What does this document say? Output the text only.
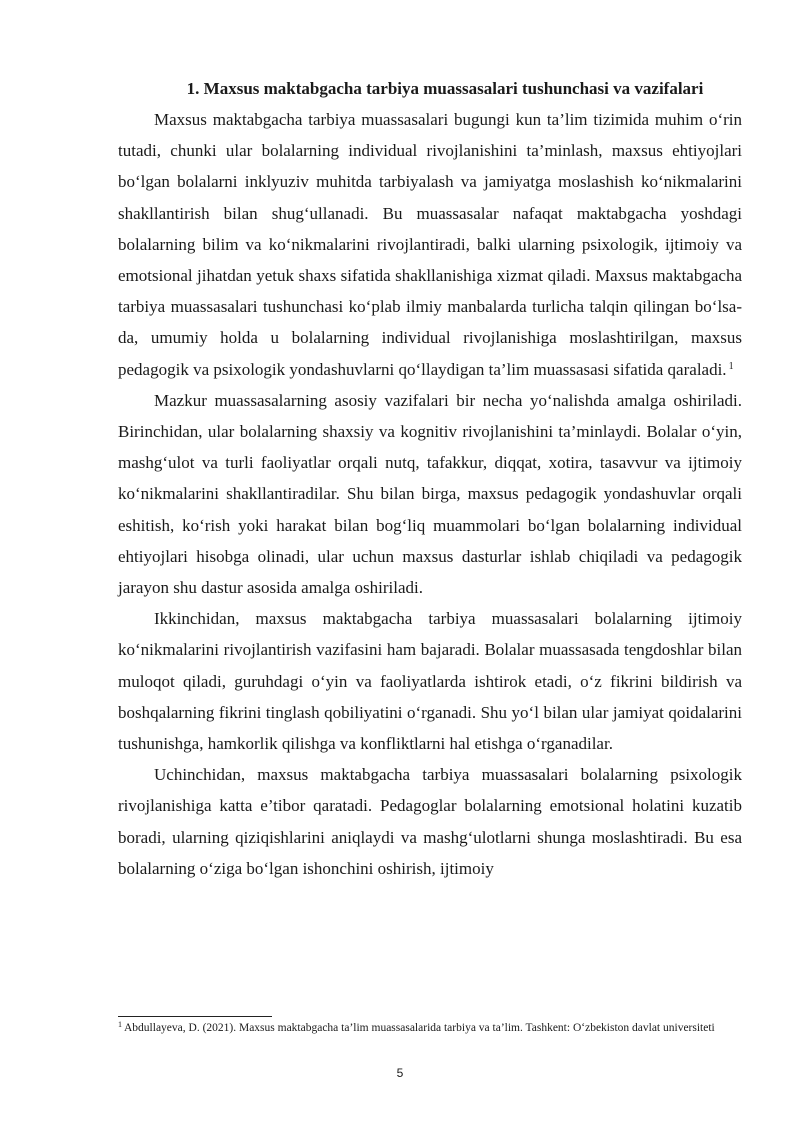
1. Maxsus maktabgacha tarbiya muassasalari tushunchasi va vazifalari

Maxsus maktabgacha tarbiya muassasalari bugungi kun ta’lim tizimida muhim o‘rin tutadi, chunki ular bolalarning individual rivojlanishini ta’minlash, maxsus ehtiyojlari bo‘lgan bolalarni inklyuziv muhitda tarbiyalash va jamiyatga moslashish ko‘nikmalarini shakllantirish bilan shug‘ullanadi. Bu muassasalar nafaqat maktabgacha yoshdagi bolalarning bilim va ko‘nikmalarini rivojlantiradi, balki ularning psixologik, ijtimoiy va emotsional jihatdan yetuk shaxs sifatida shakllanishiga xizmat qiladi. Maxsus maktabgacha tarbiya muassasalari tushunchasi ko‘plab ilmiy manbalarda turlicha talqin qilingan bo‘lsa-da, umumiy holda u bolalarning individual rivojlanishiga moslashtirilgan, maxsus pedagogik va psixologik yondashuvlarni qo‘llaydigan ta’lim muassasasi sifatida qaraladi. $^1$

Mazkur muassasalarning asosiy vazifalari bir necha yo‘nalishda amalga oshiriladi. Birinchidan, ular bolalarning shaxsiy va kognitiv rivojlanishini ta’minlaydi. Bolalar o‘yin, mashg‘ulot va turli faoliyatlar orqali nutq, tafakkur, diqqat, xotira, tasavvur va ijtimoiy ko‘nikmalarini shakllantiradilar. Shu bilan birga, maxsus pedagogik yondashuvlar orqali eshitish, ko‘rish yoki harakat bilan bog‘liq muammolari bo‘lgan bolalarning individual ehtiyojlari hisobga olinadi, ular uchun maxsus dasturlar ishlab chiqiladi va pedagogik jarayon shu dastur asosida amalga oshiriladi.

Ikkinchidan, maxsus maktabgacha tarbiya muassasalari bolalarning ijtimoiy ko‘nikmalarini rivojlantirish vazifasini ham bajaradi. Bolalar muassasada tengdoshlar bilan muloqot qiladi, guruhdagi o‘yin va faoliyatlarda ishtirok etadi, o‘z fikrini bildirish va boshqalarning fikrini tinglash qobiliyatini o‘rganadi. Shu yo‘l bilan ular jamiyat qoidalarini tushunishga, hamkorlik qilishga va konfliktlarni hal etishga o‘rganadilar.

Uchinchidan, maxsus maktabgacha tarbiya muassasalari bolalarning psixologik rivojlanishiga katta e’tibor qaratadi. Pedagoglar bolalarning emotsional holatini kuzatib boradi, ularning qiziqishlarini aniqlaydi va mashg‘ulotlarni shunga moslashtiradi. Bu esa bolalarning o‘ziga bo‘lgan ishonchini oshirish, ijtimoiy

$^1$ Abdullayeva, D. (2021). Maxsus maktabgacha ta’lim muassasalarida tarbiya va ta’lim. Tashkent: O‘zbekiston davlat universiteti

5
